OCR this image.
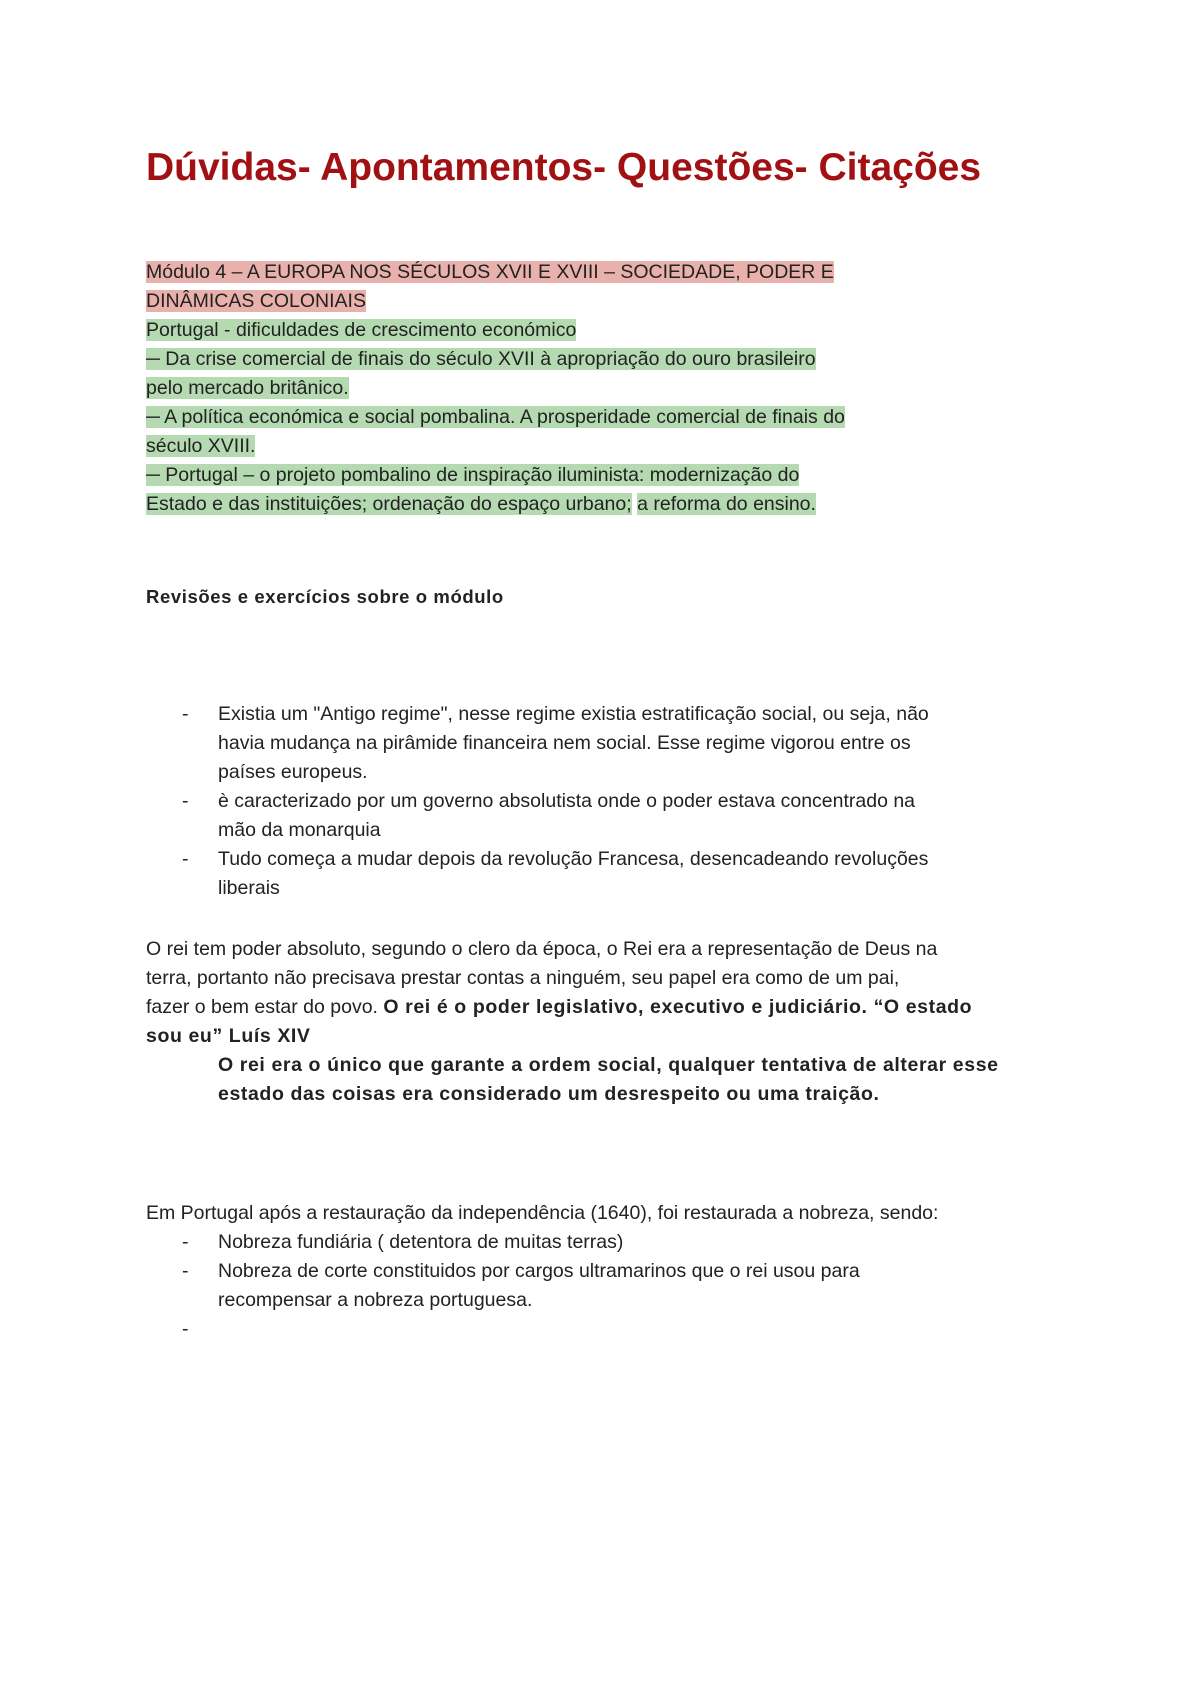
Dúvidas- Apontamentos- Questões- Citações
Módulo 4 – A EUROPA NOS SÉCULOS XVII E XVIII – SOCIEDADE, PODER E
DINÂMICAS COLONIAIS
Portugal - dificuldades de crescimento económico
─ Da crise comercial de finais do século XVII à apropriação do ouro brasileiro
pelo mercado britânico.
─ A política económica e social pombalina. A prosperidade comercial de finais do
século XVIII.
─ Portugal – o projeto pombalino de inspiração iluminista: modernização do
Estado e das instituições; ordenação do espaço urbano; a reforma do ensino.
Revisões e exercícios sobre o módulo
- Existia um "Antigo regime", nesse regime existia estratificação social, ou seja, não
havia mudança na pirâmide financeira nem social. Esse regime vigorou entre os
países europeus.
- è caracterizado por um governo absolutista onde o poder estava concentrado na
mão da monarquia
- Tudo começa a mudar depois da revolução Francesa, desencadeando revoluções
liberais
O rei tem poder absoluto, segundo o clero da época, o Rei era a representação de Deus na
terra, portanto não precisava prestar contas a ninguém, seu papel era como de um pai,
fazer o bem estar do povo. O rei é o poder legislativo, executivo e judiciário. “O estado
sou eu” Luís XIV
O rei era o único que garante a ordem social, qualquer tentativa de alterar esse
estado das coisas era considerado um desrespeito ou uma traição.
Em Portugal após a restauração da independência (1640), foi restaurada a nobreza, sendo:
- Nobreza fundiária ( detentora de muitas terras)
- Nobreza de corte constituidos por cargos ultramarinos que o rei usou para
recompensar a nobreza portuguesa.
-
